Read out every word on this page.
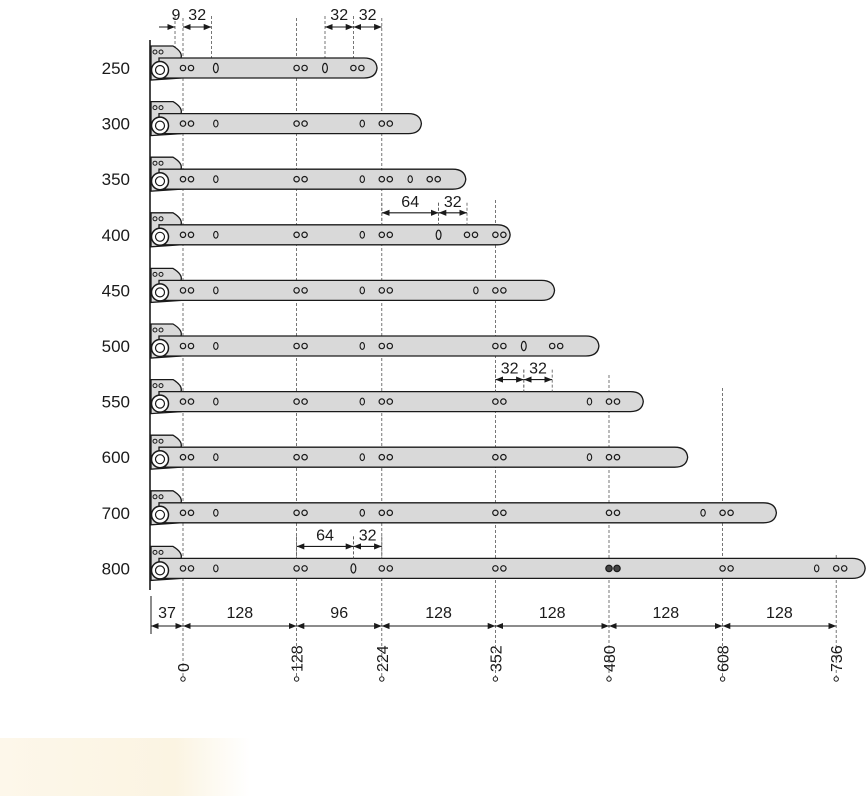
250
300
350
400
450
500
550
600
700
800
9 32	32 32
64 32
32 32
64 32
37	128	96	128	128	128	128
0	128	224	352	480	608	736
